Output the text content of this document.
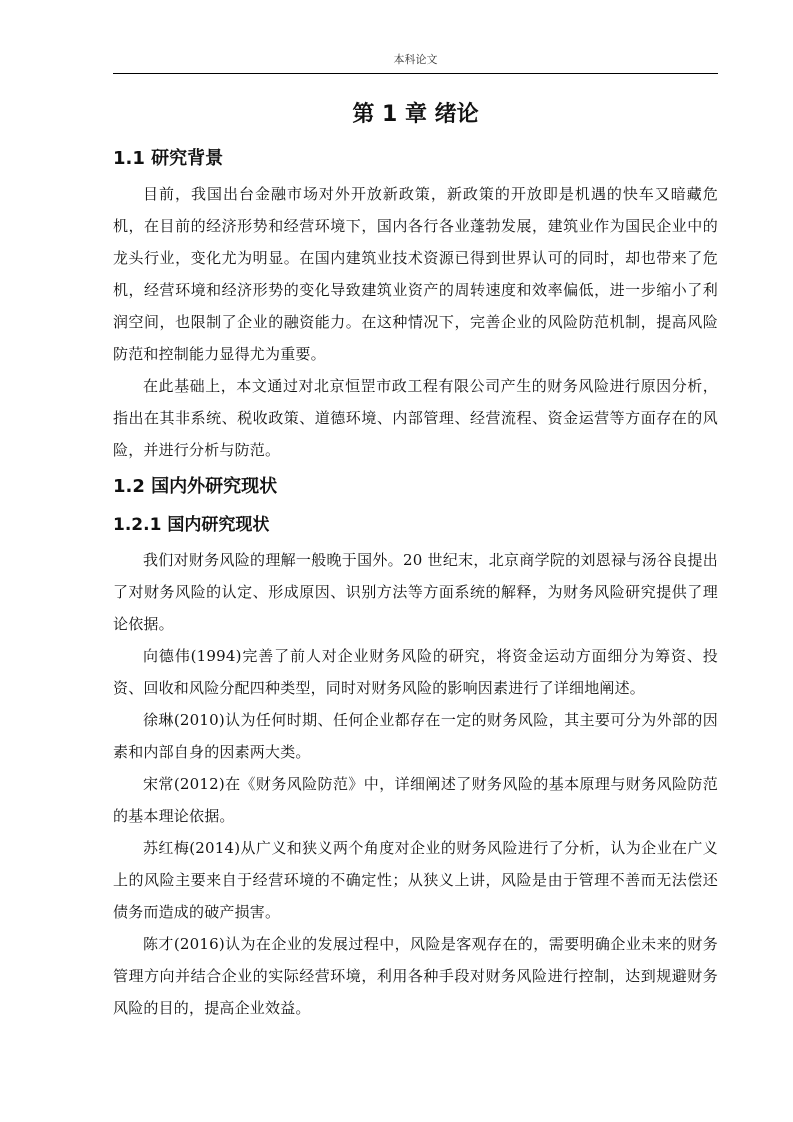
本科论文
第 1 章 绪论
1.1 研究背景

目前，我国出台金融市场对外开放新政策，新政策的开放即是机遇的快车又暗藏危机，在目前的经济形势和经营环境下，国内各行各业蓬勃发展，建筑业作为国民企业中的龙头行业，变化尤为明显。在国内建筑业技术资源已得到世界认可的同时，却也带来了危机，经营环境和经济形势的变化导致建筑业资产的周转速度和效率偏低，进一步缩小了利润空间，也限制了企业的融资能力。在这种情况下，完善企业的风险防范机制，提高风险防范和控制能力显得尤为重要。

在此基础上，本文通过对北京恒罡市政工程有限公司产生的财务风险进行原因分析，指出在其非系统、税收政策、道德环境、内部管理、经营流程、资金运营等方面存在的风险，并进行分析与防范。

1.2 国内外研究现状
1.2.1 国内研究现状

我们对财务风险的理解一般晚于国外。20 世纪末，北京商学院的刘恩禄与汤谷良提出了对财务风险的认定、形成原因、识别方法等方面系统的解释，为财务风险研究提供了理论依据。

向德伟(1994)完善了前人对企业财务风险的研究，将资金运动方面细分为筹资、投资、回收和风险分配四种类型，同时对财务风险的影响因素进行了详细地阐述。

徐琳(2010)认为任何时期、任何企业都存在一定的财务风险，其主要可分为外部的因素和内部自身的因素两大类。

宋常(2012)在《财务风险防范》中，详细阐述了财务风险的基本原理与财务风险防范的基本理论依据。

苏红梅(2014)从广义和狭义两个角度对企业的财务风险进行了分析，认为企业在广义上的风险主要来自于经营环境的不确定性；从狭义上讲，风险是由于管理不善而无法偿还债务而造成的破产损害。

陈才(2016)认为在企业的发展过程中，风险是客观存在的，需要明确企业未来的财务管理方向并结合企业的实际经营环境，利用各种手段对财务风险进行控制，达到规避财务风险的目的，提高企业效益。
